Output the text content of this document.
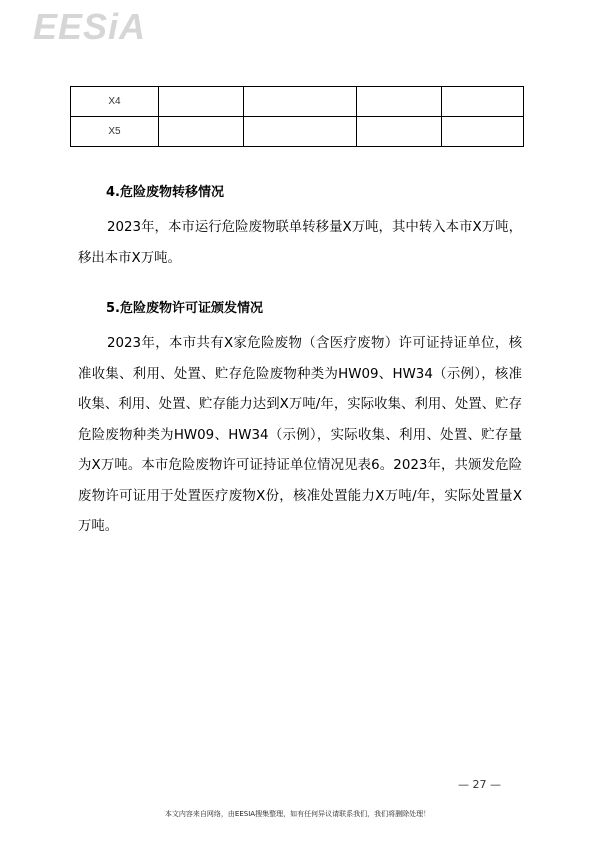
EESiA
X4				
X5				
4.危险废物转移情况
2023年，本市运行危险废物联单转移量X万吨，其中转入本市X万吨，移出本市X万吨。
5.危险废物许可证颁发情况
2023年，本市共有X家危险废物（含医疗废物）许可证持证单位，核准收集、利用、处置、贮存危险废物种类为HW09、HW34（示例），核准收集、利用、处置、贮存能力达到X万吨/年，实际收集、利用、处置、贮存危险废物种类为HW09、HW34（示例），实际收集、利用、处置、贮存量为X万吨。本市危险废物许可证持证单位情况见表6。2023年，共颁发危险废物许可证用于处置医疗废物X份，核准处置能力X万吨/年，实际处置量X万吨。
— 27 —
本文内容来自网络，由EESIA搜集整理，如有任何异议请联系我们，我们将删除处理！
